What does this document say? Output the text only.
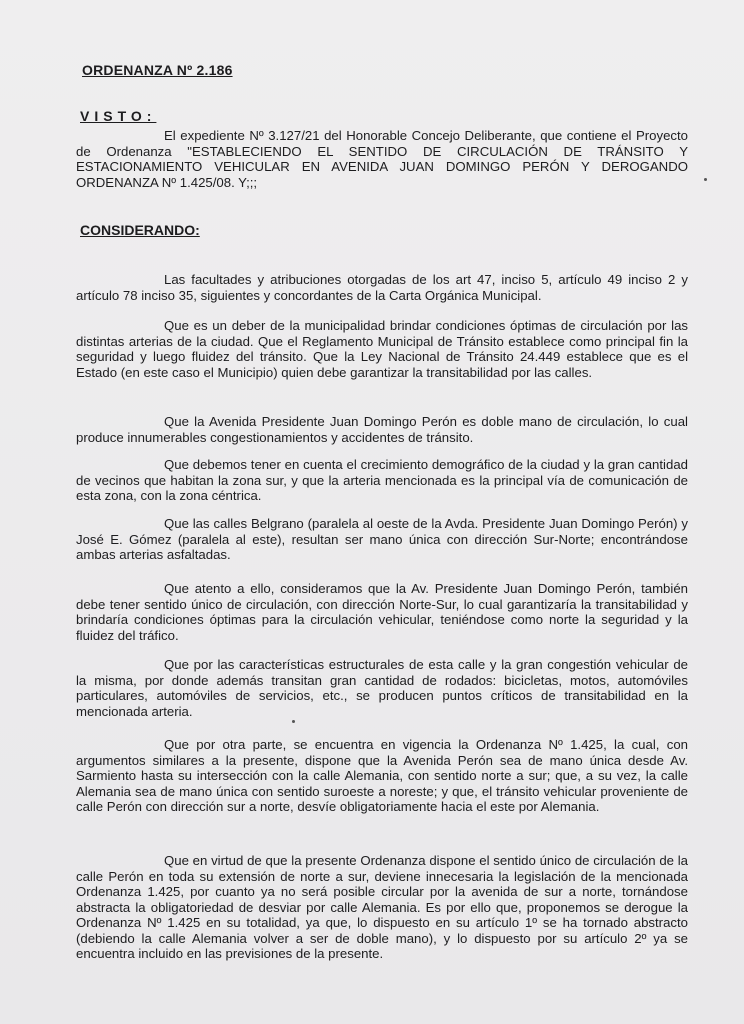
ORDENANZA Nº 2.186
VISTO:

El expediente Nº 3.127/21 del Honorable Concejo Deliberante, que contiene el Proyecto de Ordenanza "ESTABLECIENDO EL SENTIDO DE CIRCULACIÓN DE TRÁNSITO Y ESTACIONAMIENTO VEHICULAR EN AVENIDA JUAN DOMINGO PERÓN Y DEROGANDO ORDENANZA Nº 1.425/08. Y;;;

CONSIDERANDO:

Las facultades y atribuciones otorgadas de los art 47, inciso 5, artículo 49 inciso 2 y artículo 78 inciso 35, siguientes y concordantes de la Carta Orgánica Municipal.

Que es un deber de la municipalidad brindar condiciones óptimas de circulación por las distintas arterias de la ciudad. Que el Reglamento Municipal de Tránsito establece como principal fin la seguridad y luego fluidez del tránsito. Que la Ley Nacional de Tránsito 24.449 establece que es el Estado (en este caso el Municipio) quien debe garantizar la transitabilidad por las calles.

Que la Avenida Presidente Juan Domingo Perón es doble mano de circulación, lo cual produce innumerables congestionamientos y accidentes de tránsito.

Que debemos tener en cuenta el crecimiento demográfico de la ciudad y la gran cantidad de vecinos que habitan la zona sur, y que la arteria mencionada es la principal vía de comunicación de esta zona, con la zona céntrica.

Que las calles Belgrano (paralela al oeste de la Avda. Presidente Juan Domingo Perón) y José E. Gómez (paralela al este), resultan ser mano única con dirección Sur-Norte; encontrándose ambas arterias asfaltadas.

Que atento a ello, consideramos que la Av. Presidente Juan Domingo Perón, también debe tener sentido único de circulación, con dirección Norte-Sur, lo cual garantizaría la transitabilidad y brindaría condiciones óptimas para la circulación vehicular, teniéndose como norte la seguridad y la fluidez del tráfico.

Que por las características estructurales de esta calle y la gran congestión vehicular de la misma, por donde además transitan gran cantidad de rodados: bicicletas, motos, automóviles particulares, automóviles de servicios, etc., se producen puntos críticos de transitabilidad en la mencionada arteria.

Que por otra parte, se encuentra en vigencia la Ordenanza Nº 1.425, la cual, con argumentos similares a la presente, dispone que la Avenida Perón sea de mano única desde Av. Sarmiento hasta su intersección con la calle Alemania, con sentido norte a sur; que, a su vez, la calle Alemania sea de mano única con sentido suroeste a noreste; y que, el tránsito vehicular proveniente de calle Perón con dirección sur a norte, desvíe obligatoriamente hacia el este por Alemania.

Que en virtud de que la presente Ordenanza dispone el sentido único de circulación de la calle Perón en toda su extensión de norte a sur, deviene innecesaria la legislación de la mencionada Ordenanza 1.425, por cuanto ya no será posible circular por la avenida de sur a norte, tornándose abstracta la obligatoriedad de desviar por calle Alemania. Es por ello que, proponemos se derogue la Ordenanza Nº 1.425 en su totalidad, ya que, lo dispuesto en su artículo 1º se ha tornado abstracto (debiendo la calle Alemania volver a ser de doble mano), y lo dispuesto por su artículo 2º ya se encuentra incluido en las previsiones de la presente.
